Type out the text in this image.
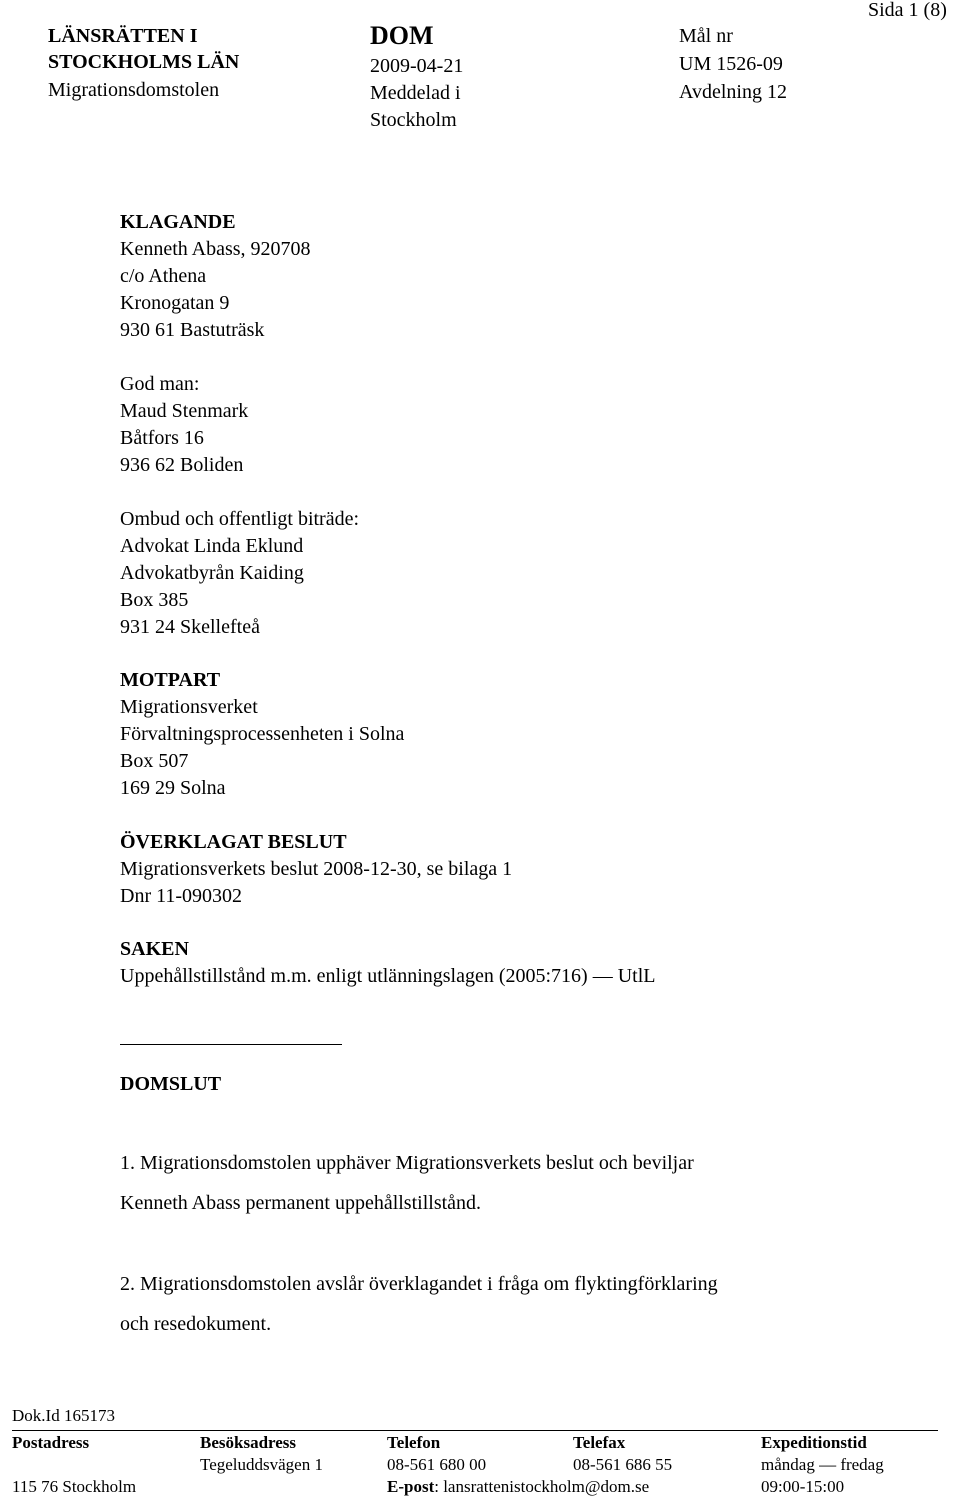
Sida 1 (8)
LÄNSRÄTTEN I
STOCKHOLMS LÄN
Migrationsdomstolen
DOM
2009-04-21
Meddelad i
Stockholm
Mål nr
UM 1526-09
Avdelning 12
KLAGANDE
Kenneth Abass, 920708
c/o Athena
Kronogatan 9
930 61 Bastuträsk
God man:
Maud Stenmark
Båtfors 16
936 62 Boliden
Ombud och offentligt biträde:
Advokat Linda Eklund
Advokatbyrån Kaiding
Box 385
931 24 Skellefteå
MOTPART
Migrationsverket
Förvaltningsprocessenheten i Solna
Box 507
169 29 Solna
ÖVERKLAGAT BESLUT
Migrationsverkets beslut 2008-12-30, se bilaga 1
Dnr 11-090302
SAKEN
Uppehållstillstånd m.m. enligt utlänningslagen (2005:716) ― UtlL
DOMSLUT
1. Migrationsdomstolen upphäver Migrationsverkets beslut och beviljar
Kenneth Abass permanent uppehållstillstånd.
2. Migrationsdomstolen avslår överklagandet i fråga om flyktingförklaring
och resedokument.
Dok.Id 165173
Postadress
115 76 Stockholm
Besöksadress
Tegeluddsvägen 1
Telefon
08-561 680 00
E-post: lansrattenistockholm@dom.se
Telefax
08-561 686 55
Expeditionstid
måndag ― fredag
09:00-15:00
